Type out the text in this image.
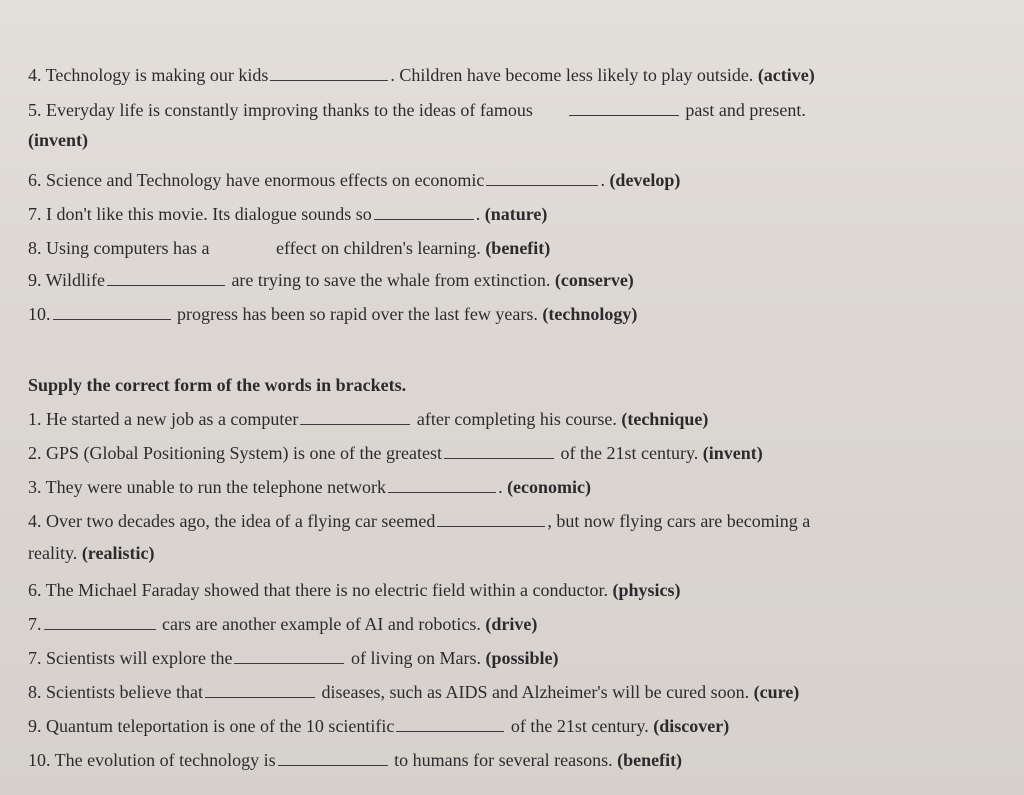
4. Technology is making our kids	. Children have become less likely to play outside. (active)
5. Everyday life is constantly improving thanks to the ideas of famous	past and present.
(invent)
6. Science and Technology have enormous effects on economic	. (develop)
7. I don't like this movie. Its dialogue sounds so	. (nature)
8. Using computers has a	effect on children's learning. (benefit)
9. Wildlife	are trying to save the whale from extinction. (conserve)
10.	progress has been so rapid over the last few years. (technology)
Supply the correct form of the words in brackets.
1. He started a new job as a computer	after completing his course. (technique)
2. GPS (Global Positioning System) is one of the greatest	of the 21st century. (invent)
3. They were unable to run the telephone network	. (economic)
4. Over two decades ago, the idea of a flying car seemed	, but now flying cars are becoming a
reality. (realistic)
6. The Michael Faraday showed that there is no electric field within a conductor. (physics)
7.	cars are another example of AI and robotics. (drive)
7. Scientists will explore the	of living on Mars. (possible)
8. Scientists believe that	diseases, such as AIDS and Alzheimer's will be cured soon. (cure)
9. Quantum teleportation is one of the 10 scientific	of the 21st century. (discover)
10. The evolution of technology is	to humans for several reasons. (benefit)
